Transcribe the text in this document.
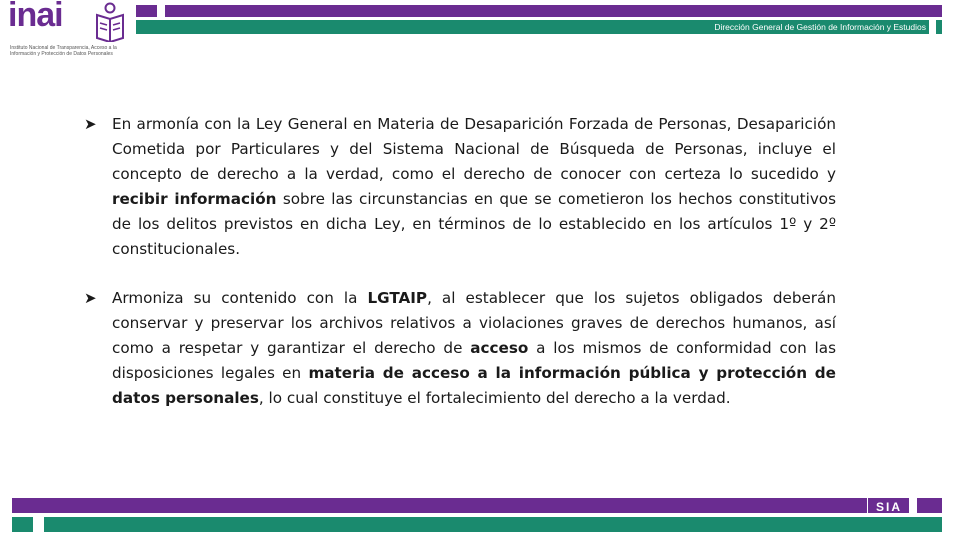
Dirección General de Gestión de Información y Estudios
inai
Instituto Nacional de Transparencia, Acceso a la Información y Protección de Datos Personales
➤ En armonía con la Ley General en Materia de Desaparición Forzada de Personas, Desaparición Cometida por Particulares y del Sistema Nacional de Búsqueda de Personas, incluye el concepto de derecho a la verdad, como el derecho de conocer con certeza lo sucedido y recibir información sobre las circunstancias en que se cometieron los hechos constitutivos de los delitos previstos en dicha Ley, en términos de lo establecido en los artículos 1º y 2º constitucionales.

➤ Armoniza su contenido con la LGTAIP, al establecer que los sujetos obligados deberán conservar y preservar los archivos relativos a violaciones graves de derechos humanos, así como a respetar y garantizar el derecho de acceso a los mismos de conformidad con las disposiciones legales en materia de acceso a la información pública y protección de datos personales, lo cual constituye el fortalecimiento del derecho a la verdad.

SIA
